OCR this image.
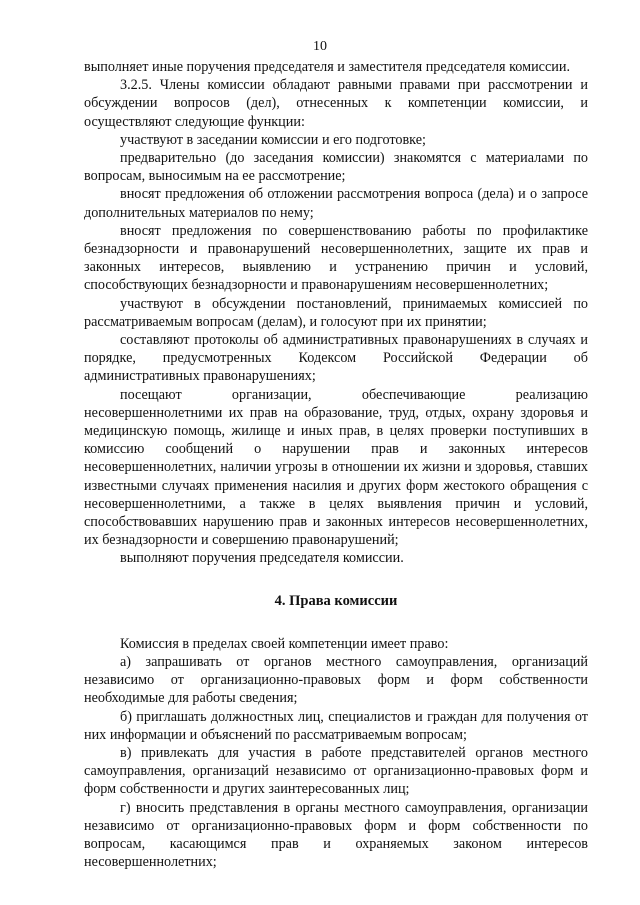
10

выполняет иные поручения председателя и заместителя председателя комиссии.

3.2.5. Члены комиссии обладают равными правами при рассмотрении и обсуждении вопросов (дел), отнесенных к компетенции комиссии, и осуществляют следующие функции:

участвуют в заседании комиссии и его подготовке;

предварительно (до заседания комиссии) знакомятся с материалами по вопросам, выносимым на ее рассмотрение;

вносят предложения об отложении рассмотрения вопроса (дела) и о запросе дополнительных материалов по нему;

вносят предложения по совершенствованию работы по профилактике безнадзорности и правонарушений несовершеннолетних, защите их прав и законных интересов, выявлению и устранению причин и условий, способствующих безнадзорности и правонарушениям несовершеннолетних;

участвуют в обсуждении постановлений, принимаемых комиссией по рассматриваемым вопросам (делам), и голосуют при их принятии;

составляют протоколы об административных правонарушениях в случаях и порядке, предусмотренных Кодексом Российской Федерации об административных правонарушениях;

посещают организации, обеспечивающие реализацию несовершеннолетними их прав на образование, труд, отдых, охрану здоровья и медицинскую помощь, жилище и иных прав, в целях проверки поступивших в комиссию сообщений о нарушении прав и законных интересов несовершеннолетних, наличии угрозы в отношении их жизни и здоровья, ставших известными случаях применения насилия и других форм жестокого обращения с несовершеннолетними, а также в целях выявления причин и условий, способствовавших нарушению прав и законных интересов несовершеннолетних, их безнадзорности и совершению правонарушений;

выполняют поручения председателя комиссии.

4. Права комиссии

Комиссия в пределах своей компетенции имеет право:

а) запрашивать от органов местного самоуправления, организаций независимо от организационно-правовых форм и форм собственности необходимые для работы сведения;

б) приглашать должностных лиц, специалистов и граждан для получения от них информации и объяснений по рассматриваемым вопросам;

в) привлекать для участия в работе представителей органов местного самоуправления, организаций независимо от организационно-правовых форм и форм собственности и других заинтересованных лиц;

г) вносить представления в органы местного самоуправления, организации независимо от организационно-правовых форм и форм собственности по вопросам, касающимся прав и охраняемых законом интересов несовершеннолетних;
